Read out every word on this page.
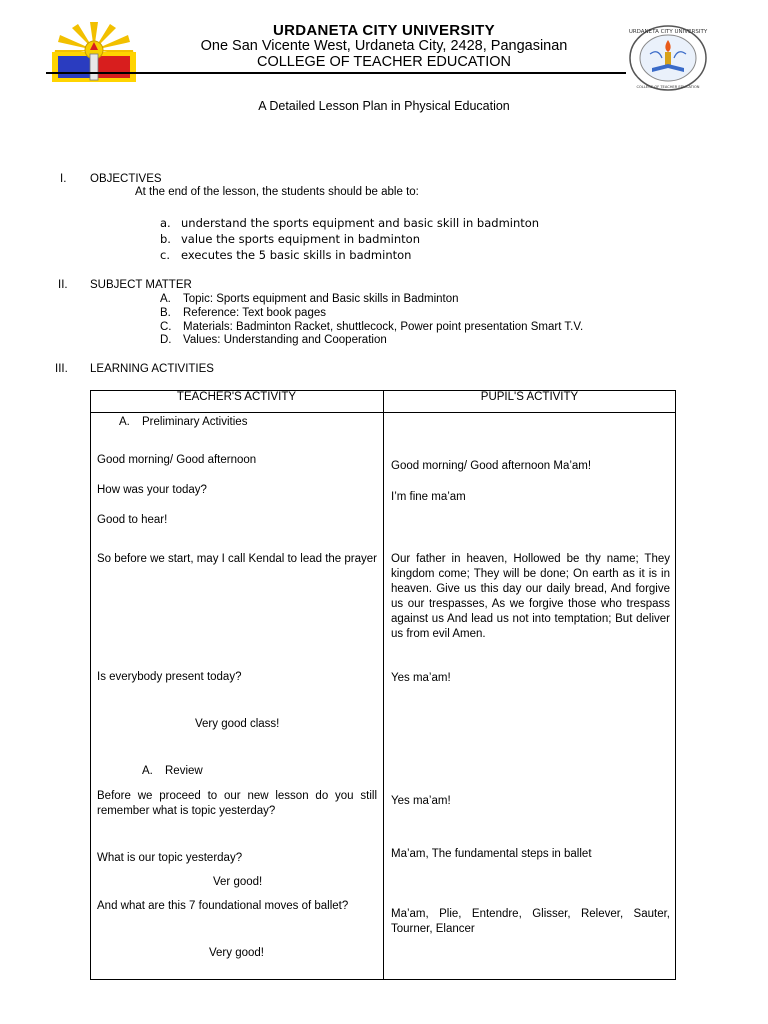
URDANETA CITY UNIVERSITY
COLLEGE OF TEACHER EDUCATION
URDANETA CITY UNIVERSITY
One San Vicente West, Urdaneta City, 2428, Pangasinan
COLLEGE OF TEACHER EDUCATION
A Detailed Lesson Plan in Physical Education
I. OBJECTIVES
At the end of the lesson, the students should be able to:
a. understand the sports equipment and basic skill in badminton
b. value the sports equipment in badminton
c. executes the 5 basic skills in badminton
II. SUBJECT MATTER
A. Topic: Sports equipment and Basic skills in Badminton
B. Reference: Text book pages
C. Materials: Badminton Racket, shuttlecock, Power point presentation Smart T.V.
D. Values: Understanding and Cooperation
III. LEARNING ACTIVITIES
TEACHER'S ACTIVITY	PUPIL'S ACTIVITY
A. Preliminary Activities
Good morning/ Good afternoon
How was your today?
Good to hear!
So before we start, may I call Kendal to lead the prayer
Is everybody present today?
Very good class!
A. Review
Before we proceed to our new lesson do you still remember what is topic yesterday?
What is our topic yesterday?
Ver good!
And what are this 7 foundational moves of ballet?
Very good!
Good morning/ Good afternoon Ma’am!
I’m fine ma’am
Our father in heaven, Hollowed be thy name; They kingdom come; They will be done; On earth as it is in heaven. Give us this day our daily bread, And forgive us our trespasses, As we forgive those who trespass against us And lead us not into temptation; But deliver us from evil Amen.
Yes ma’am!
Yes ma’am!
Ma’am, The fundamental steps in ballet
Ma’am, Plie, Entendre, Glisser, Relever, Sauter, Tourner, Elancer
